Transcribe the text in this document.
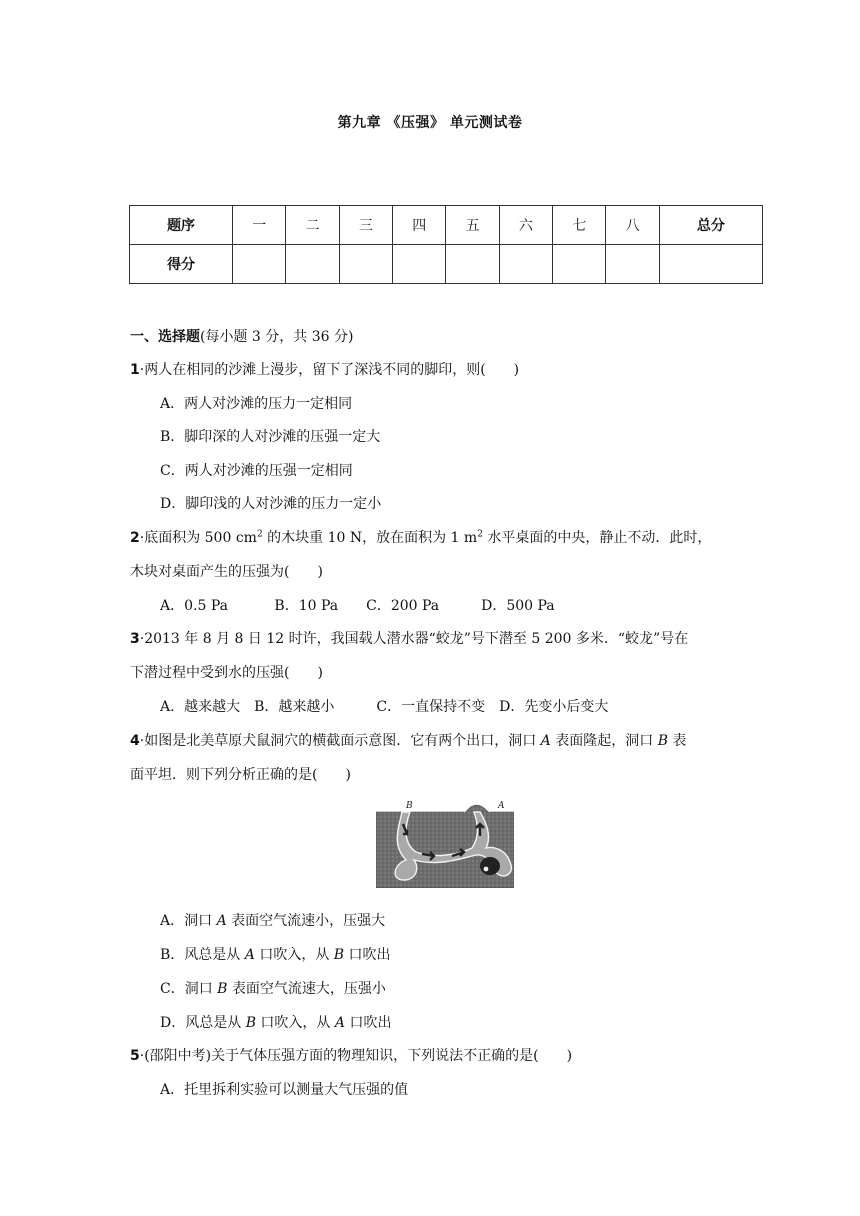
第九章 《压强》 单元测试卷
题序	一	二	三	四	五	六	七	八	总分
得分									
一、选择题(每小题 3 分，共 36 分)
1·两人在相同的沙滩上漫步，留下了深浅不同的脚印，则(　　)
A．两人对沙滩的压力一定相同
B．脚印深的人对沙滩的压强一定大
C．两人对沙滩的压强一定相同
D．脚印浅的人对沙滩的压力一定小
2·底面积为 500 $cm^2$ 的木块重 10 N，放在面积为 1 $m^2$ 水平桌面的中央，静止不动．此时，
木块对桌面产生的压强为(　　)
A．0.5 Pa　　 　B．10 Pa　　C．200 Pa　　　D．500 Pa
3·2013 年 8 月 8 日 12 时许，我国载人潜水器“蛟龙”号下潜至 5 200 多米．“蛟龙”号在
下潜过程中受到水的压强(　　)
A．越来越大　B．越来越小　　　C．一直保持不变　D．先变小后变大
4·如图是北美草原犬鼠洞穴的横截面示意图．它有两个出口，洞口 A 表面隆起，洞口 B 表
面平坦．则下列分析正确的是(　　)
B	A
A．洞口 A 表面空气流速小，压强大
B．风总是从 A 口吹入，从 B 口吹出
C．洞口 B 表面空气流速大，压强小
D．风总是从 B 口吹入，从 A 口吹出
5·(邵阳中考)关于气体压强方面的物理知识，下列说法不正确的是(　　)
A．托里拆利实验可以测量大气压强的值
